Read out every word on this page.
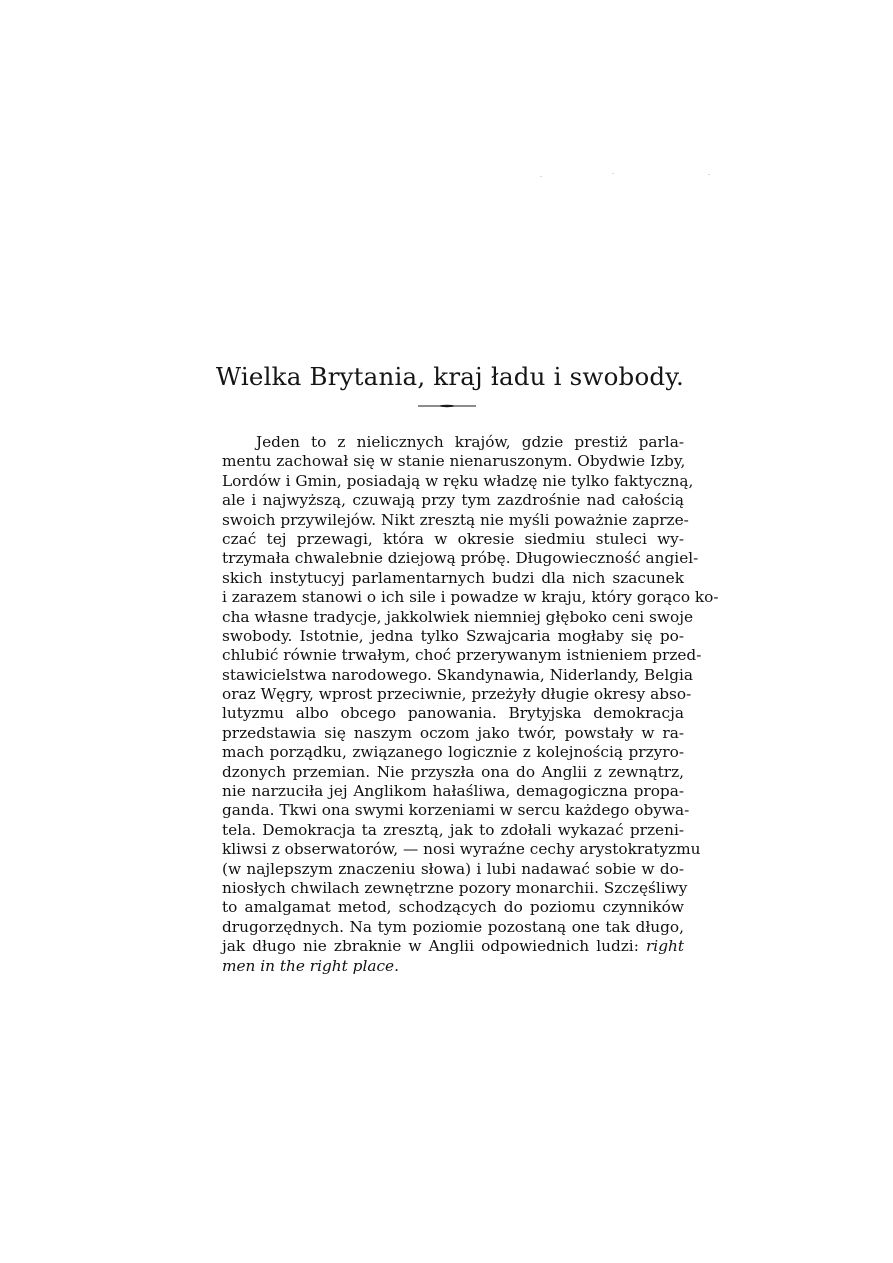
Wielka Brytania, kraj ładu i swobody.
Jeden to z nielicznych krajów, gdzie prestiż parla-
mentu zachował się w stanie nienaruszonym. Obydwie Izby,
Lordów i Gmin, posiadają w ręku władzę nie tylko faktyczną,
ale i najwyższą, czuwają przy tym zazdrośnie nad całością
swoich przywilejów. Nikt zresztą nie myśli poważnie zaprze-
czać tej przewagi, która w okresie siedmiu stuleci wy-
trzymała chwalebnie dziejową próbę. Długowieczność angiel-
skich instytucyj parlamentarnych budzi dla nich szacunek
i zarazem stanowi o ich sile i powadze w kraju, który gorąco ko-
cha własne tradycje, jakkolwiek niemniej głęboko ceni swoje
swobody. Istotnie, jedna tylko Szwajcaria mogłaby się po-
chlubić równie trwałym, choć przerywanym istnieniem przed-
stawicielstwa narodowego. Skandynawia, Niderlandy, Belgia
oraz Węgry, wprost przeciwnie, przeżyły długie okresy abso-
lutyzmu albo obcego panowania. Brytyjska demokracja
przedstawia się naszym oczom jako twór, powstały w ra-
mach porządku, związanego logicznie z kolejnością przyro-
dzonych przemian. Nie przyszła ona do Anglii z zewnątrz,
nie narzuciła jej Anglikom hałaśliwa, demagogiczna propa-
ganda. Tkwi ona swymi korzeniami w sercu każdego obywa-
tela. Demokracja ta zresztą, jak to zdołali wykazać przeni-
kliwsi z obserwatorów, — nosi wyraźne cechy arystokratyzmu
(w najlepszym znaczeniu słowa) i lubi nadawać sobie w do-
niosłych chwilach zewnętrzne pozory monarchii. Szczęśliwy
to amalgamat metod, schodzących do poziomu czynników
drugorzędnych. Na tym poziomie pozostaną one tak długo,
jak długo nie zbraknie w Anglii odpowiednich ludzi: right
men in the right place.
